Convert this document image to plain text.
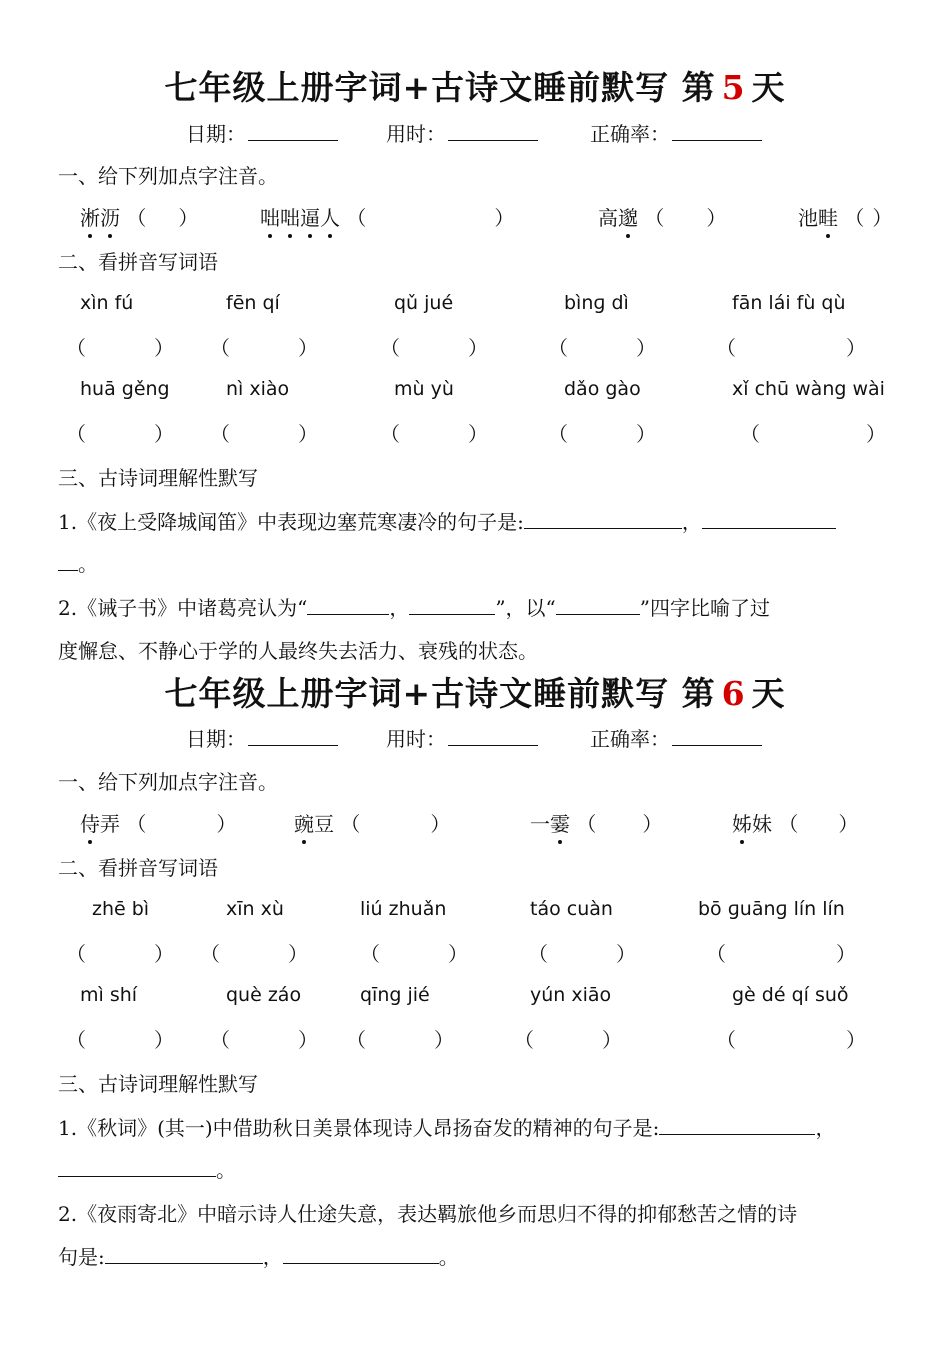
七年级上册字词+古诗文睡前默写 第 5 天
日期：	用时：	正确率：
一、给下列加点字注音。
淅沥 （ ）	咄咄逼人 （	）	高邈 （ ）	池畦 （ ）
二、看拼音写词语
xìn fú	fēn qí	qǔ jué	bìnɡ dì	fān lái fù qù
（	） （	）	（	）	（	）	（	）
huā gěng	nì xiào	mù yù	dǎo gào	xǐ chū wàng wài
（	） （	）	（	）	（	）	（	）
三、古诗词理解性默写
1.《夜上受降城闻笛》中表现边塞荒寒凄冷的句子是:	，
。
2.《诫子书》中诸葛亮认为“	，	”，以“	”四字比喻了过
度懈怠、不静心于学的人最终失去活力、衰残的状态。
七年级上册字词+古诗文睡前默写 第 6 天
日期：	用时：	正确率：
一、给下列加点字注音。
侍弄 （	）	豌豆 （	）	一霎 （ ）	姊妹 （ ）
二、看拼音写词语
zhē bì	xīn xù	liú zhuǎn	táo cuàn	bō ɡuānɡ lín lín
（	） （	）	（	）	（	）	（	）
mì shí	què záo	qīng jié	yún xiāo	gè dé qí suǒ
（	） （	） （	）	（	）	（	）
三、古诗词理解性默写
1.《秋词》(其一)中借助秋日美景体现诗人昂扬奋发的精神的句子是:	，
。
2.《夜雨寄北》中暗示诗人仕途失意，表达羁旅他乡而思归不得的抑郁愁苦之情的诗
句是:	，	。
